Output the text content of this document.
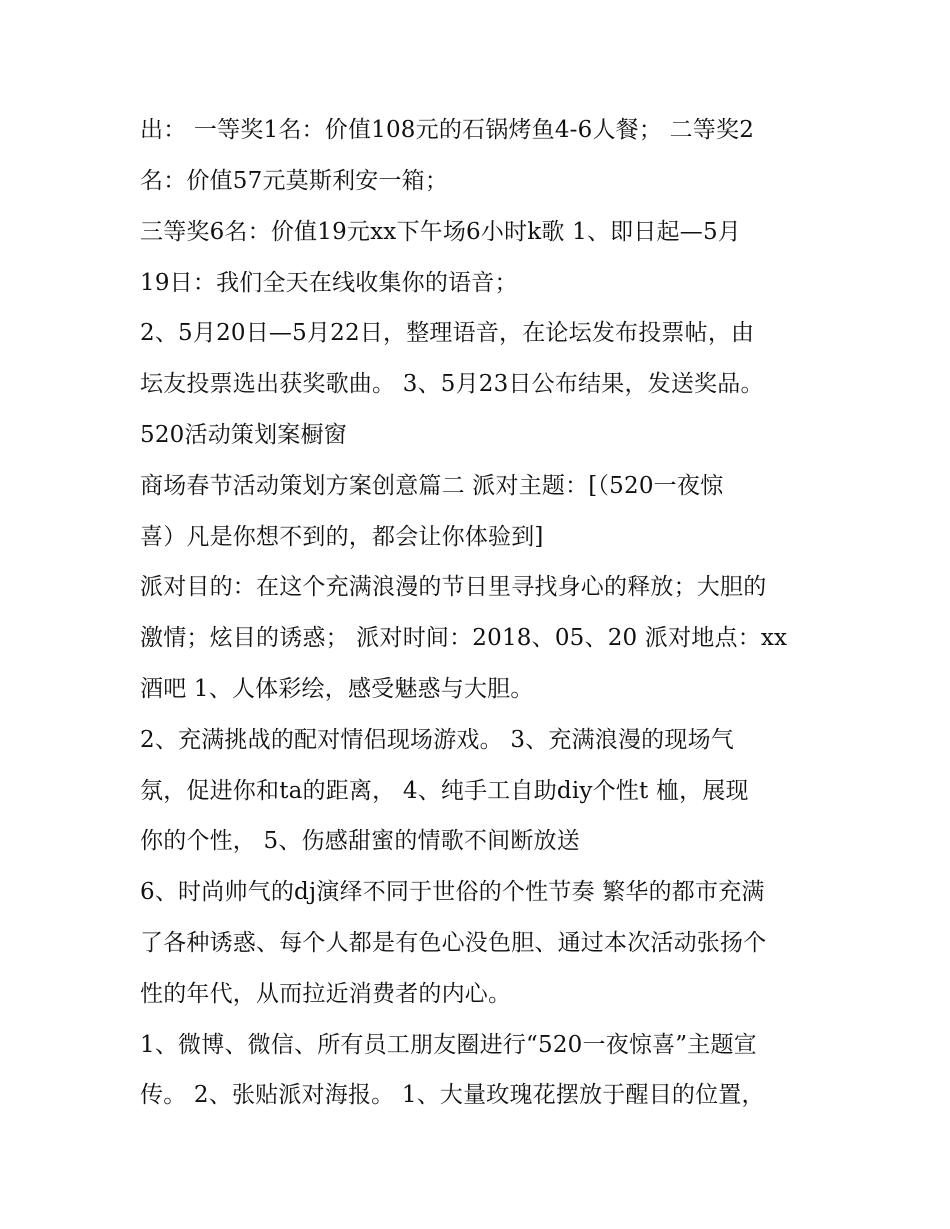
出： 一等奖1名：价值108元的石锅烤鱼4-6人餐； 二等奖2
名：价值57元莫斯利安一箱；
三等奖6名：价值19元xx下午场6小时k歌 1、即日起—5月
19日：我们全天在线收集你的语音；
2、5月20日—5月22日，整理语音，在论坛发布投票帖，由
坛友投票选出获奖歌曲。 3、5月23日公布结果，发送奖品。
520活动策划案橱窗
商场春节活动策划方案创意篇二 派对主题：[（520一夜惊
喜）凡是你想不到的，都会让你体验到]
派对目的：在这个充满浪漫的节日里寻找身心的释放；大胆的
激情；炫目的诱惑； 派对时间：2018、05、20 派对地点：xx
酒吧 1、人体彩绘，感受魅惑与大胆。
2、充满挑战的配对情侣现场游戏。 3、充满浪漫的现场气
氛，促进你和ta的距离， 4、纯手工自助diy个性t 桖，展现
你的个性， 5、伤感甜蜜的情歌不间断放送
6、时尚帅气的dj演绎不同于世俗的个性节奏 繁华的都市充满
了各种诱惑、每个人都是有色心没色胆、通过本次活动张扬个
性的年代，从而拉近消费者的内心。
1、微博、微信、所有员工朋友圈进行“520一夜惊喜”主题宣
传。 2、张贴派对海报。 1、大量玫瑰花摆放于醒目的位置，
